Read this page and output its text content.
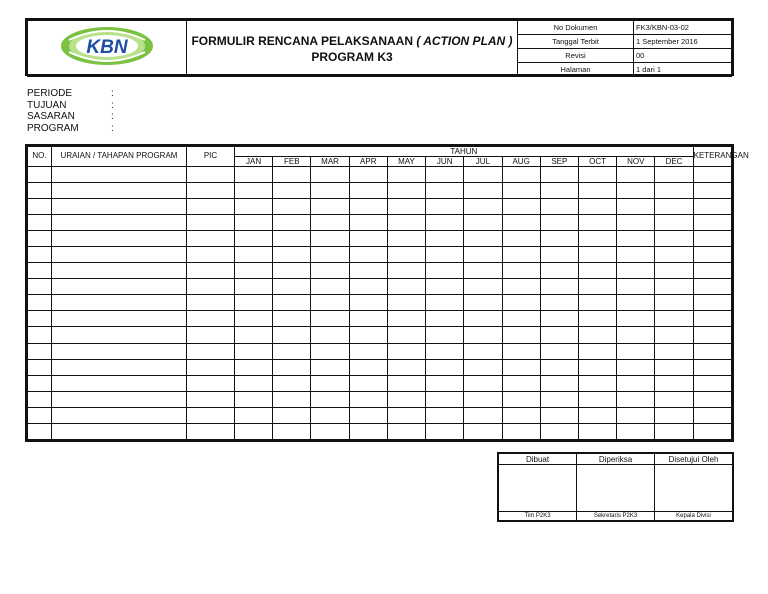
KBN	FORMULIR RENCANA PELAKSANAAN ( ACTION PLAN )
PROGRAM K3	No Dokumen	FK3/KBN-03-02
		Tanggal Terbit	1 September 2016
		Revisi	00
		Halaman	1 dari 1
PERIODE	:
TUJUAN	:
SASARAN	:
PROGRAM	:
NO.	URAIAN / TAHAPAN PROGRAM	PIC	TAHUN												KETERANGAN
			JAN	FEB	MAR	APR	MAY	JUN	JUL	AUG	SEP	OCT	NOV	DEC	

Dibuat	Diperiksa	Disetujui Oleh

Tim P2K3	Sekretaris P2K3	Kepala Divisi
